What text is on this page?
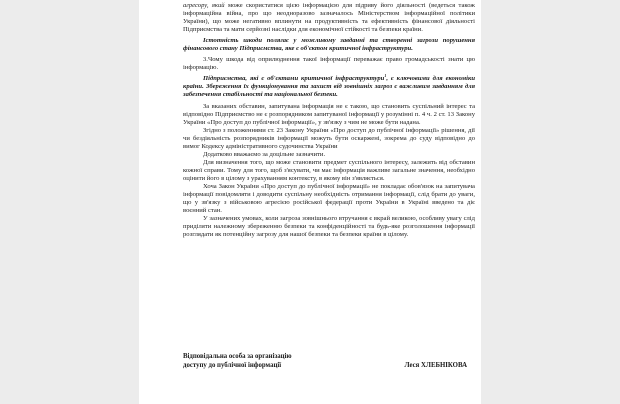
агресору, який може скористатися цією інформацією для підриву його діяльності (ведеться також інформаційна війна, про що неодноразово зазначалось Міністерством інформаційної політики України), що може негативно вплинути на продуктивність та ефективність фінансової діяльності Підприємства та мати серйозні наслідки для економічної стійкості та безпеки країни.

Істотність шкоди полягає у можливому завданні та створенні загрози порушення фінансового стану Підприємства, яке є об'єктом критичної інфраструктури.

3.Чому шкода від оприлюднення такої інформації переважає право громадськості знати цю інформацію.

Підприємства, які є об'єктами критичної інфраструктури$^1$, є ключовими для економіки країни. Збереження їх функціонування та захист від зовнішніх загроз є важливим завданням для забезпечення стабільності та національної безпеки.

За вказаних обставин, запитувана інформація не є такою, що становить суспільний інтерес та відповідно Підприємство не є розпорядником запитуваної інформації у розумінні п. 4 ч. 2 ст. 13 Закону України «Про доступ до публічної інформації», у зв'язку з чим не може бути надана.

Згідно з положеннями ст. 23 Закону України «Про доступ до публічної інформації» рішення, дії чи бездіяльність розпорядників інформації можуть бути оскаржені, зокрема до суду відповідно до вимог Кодексу адміністративного судочинства України

Додатково вважаємо за доцільне зазначити.

Для визначення того, що може становити предмет суспільного інтересу, залежить від обставин кожної справи. Тому для того, щоб з'ясувати, чи має інформація важливе загальне значення, необхідно оцінити його в цілому з урахуванням контексту, в якому він з'являється.

Хоча Закон України «Про доступ до публічної інформації» не покладає обов'язок на запитувача інформації повідомляти і доводити суспільну необхідність отримання інформації, слід брати до уваги, що у зв'язку з військовою агресією російської федерації проти України в Україні введено та діє воєнний стан.

У зазначених умовах, коли загроза зовнішнього втручання є вкрай великою, особливу увагу слід приділяти належному збереженню безпеки та конфіденційності та будь-яке розголошення інформації розглядати як потенційну загрозу для нашої безпеки та безпеки країни в цілому.

Відповідальна особа за організацію
доступу до публічної інформації	Леся ХЛЕБНІКОВА
